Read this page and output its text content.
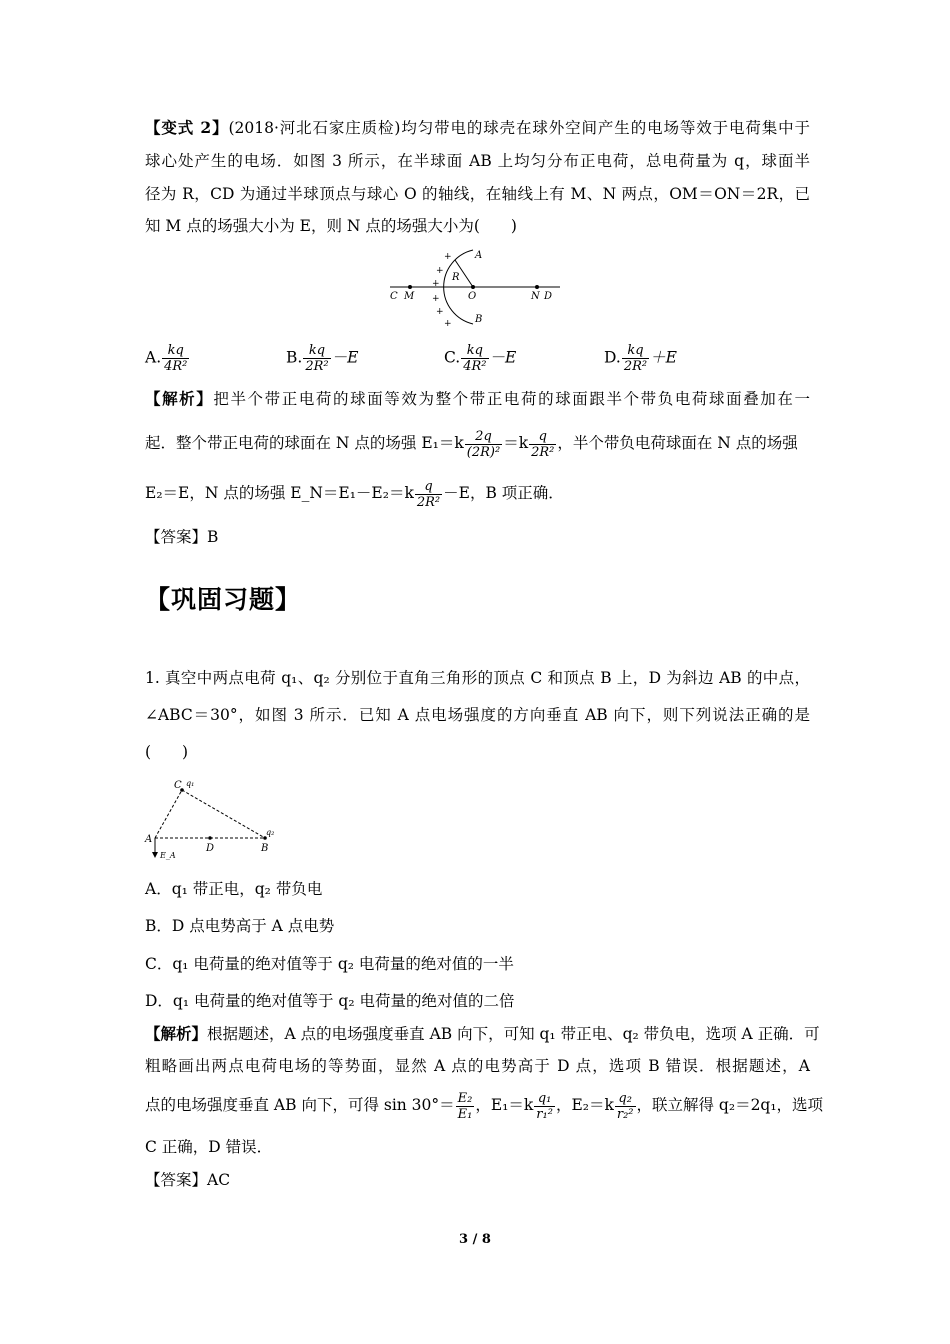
【变式 2】(2018·河北石家庄质检)均匀带电的球壳在球外空间产生的电场等效于电荷集中于
球心处产生的电场．如图 3 所示，在半球面 AB 上均匀分布正电荷，总电荷量为 q，球面半
径为 R，CD 为通过半球顶点与球心 O 的轴线，在轴线上有 M、N 两点，OM＝ON＝2R，已
知 M 点的场强大小为 E，则 N 点的场强大小为(　　)
A
B
R
C M	O	N D
+
+
+
+
+
+
A. $\frac{kq}{\text{4R²}}$	B. $\frac{kq}{\text{2R²}} -E$	C. $\frac{kq}{\text{4R²}} -E$	D. $\frac{kq}{\text{2R²}} +E$
【解析】把半个带正电荷的球面等效为整个带正电荷的球面跟半个带负电荷球面叠加在一
起．整个带正电荷的球面在 N 点的场强 $E_1=k \frac{2q}{\text{(2R)²}} =k \frac{q}{\text{2R²}}$ ，半个带负电荷球面在 N 点的场强
E₂＝E，N 点的场强 E_N＝E₁－E₂＝k $\frac{q}{\text{2R²}} -E$，B 项正确．
【答案】B
【巩固习题】
1. 真空中两点电荷 q₁、q₂ 分别位于直角三角形的顶点 C 和顶点 B 上，D 为斜边 AB 的中点，
∠ABC＝30°，如图 3 所示．已知 A 点电场强度的方向垂直 AB 向下，则下列说法正确的是
(　　)
C q₁
A
D	B
q₂
E_A
A．q₁ 带正电，q₂ 带负电
B．D 点电势高于 A 点电势
C．q₁ 电荷量的绝对值等于 q₂ 电荷量的绝对值的一半
D．q₁ 电荷量的绝对值等于 q₂ 电荷量的绝对值的二倍
【解析】根据题述，A 点的电场强度垂直 AB 向下，可知 q₁ 带正电、q₂ 带负电，选项 A 正确．可
粗略画出两点电荷电场的等势面，显然 A 点的电势高于 D 点，选项 B 错误．根据题述，A
点的电场强度垂直 AB 向下，可得 $\sin 30^\circ= \frac{\text{E₂}}{\text{E₁}}$ ，$E_1=k \frac{\text{q₁}}{\text{r₁²}}$ ，$E_2=k \frac{\text{q₂}}{\text{r₂²}}$ ，联立解得 q₂＝2q₁，选项
C 正确，D 错误．
【答案】AC
3 / 8
